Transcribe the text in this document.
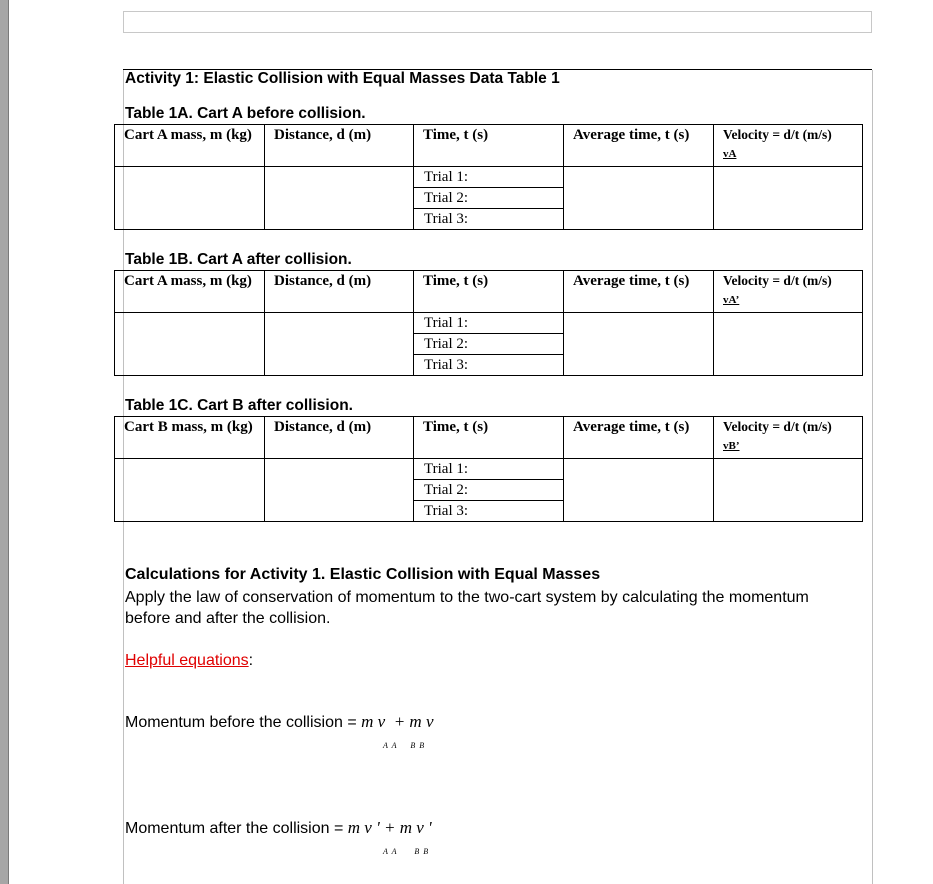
Activity 1: Elastic Collision with Equal Masses Data Table 1
Table 1A. Cart A before collision.
Cart A mass, m (kg)	Distance, d (m)	Time, t (s)	Average time, t (s)	Velocity = d/t (m/s)
vA

		Trial 1:
Trial 2:
Trial 3:		

Table 1B. Cart A after collision.
Cart A mass, m (kg)	Distance, d (m)	Time, t (s)	Average time, t (s)	Velocity = d/t (m/s)
vA’

		Trial 1:
Trial 2:
Trial 3:		

Table 1C. Cart B after collision.
Cart B mass, m (kg)	Distance, d (m)	Time, t (s)	Average time, t (s)	Velocity = d/t (m/s)
vB’

		Trial 1:
Trial 2:
Trial 3:		

Calculations for Activity 1. Elastic Collision with Equal Masses
Apply the law of conservation of momentum to the two-cart system by calculating the momentum before and after the collision.
Helpful equations:
Momentum before the collision = m v  + m v
A  A       B  B
Momentum after the collision = m v ' + m v '
A  A         B  B
